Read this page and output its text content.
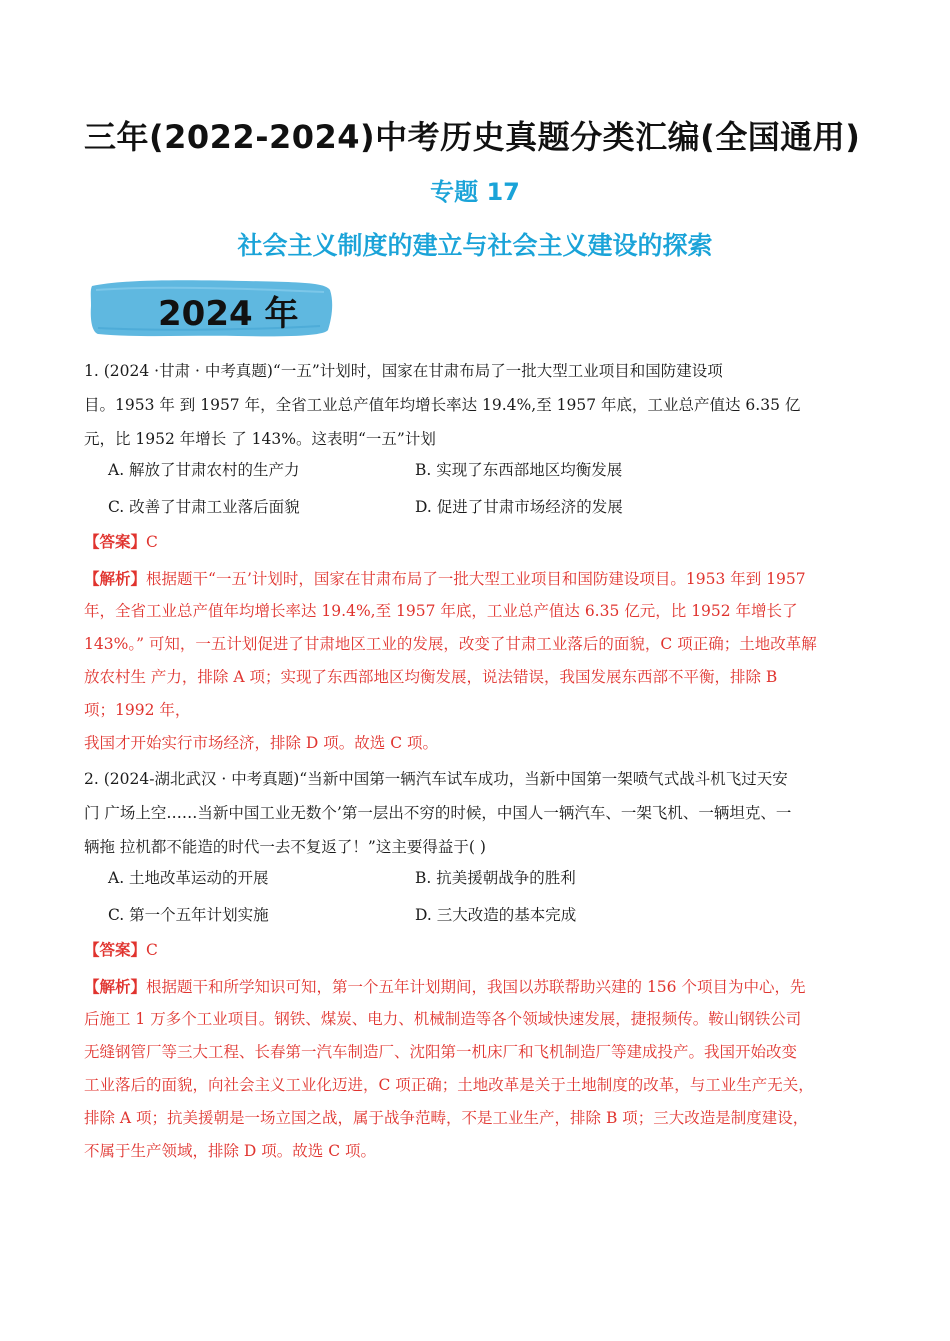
三年(2022-2024)中考历史真题分类汇编(全国通用)
专题 17
社会主义制度的建立与社会主义建设的探索
2024 年
1. (2024 ·甘肃 · 中考真题)“一五”计划时，国家在甘肃布局了一批大型工业项目和国防建设项
目。1953 年 到 1957 年，全省工业总产值年均增长率达 19.4%,至 1957 年底，工业总产值达 6.35 亿
元，比 1952 年增长 了 143%。这表明“一五”计划
A. 解放了甘肃农村的生产力	B. 实现了东西部地区均衡发展
C. 改善了甘肃工业落后面貌	D. 促进了甘肃市场经济的发展
【答案】C
【解析】根据题干“一五’计划时，国家在甘肃布局了一批大型工业项目和国防建设项目。1953 年到 1957
年，全省工业总产值年均增长率达 19.4%,至 1957 年底，工业总产值达 6.35 亿元，比 1952 年增长了
143%。” 可知，一五计划促进了甘肃地区工业的发展，改变了甘肃工业落后的面貌，C 项正确；土地改革解
放农村生 产力，排除 A 项；实现了东西部地区均衡发展，说法错误，我国发展东西部不平衡，排除 B
项；1992 年，
我国才开始实行市场经济，排除 D 项。故选 C 项。
2. (2024-湖北武汉 · 中考真题)“当新中国第一辆汽车试车成功，当新中国第一架喷气式战斗机飞过天安
门 广场上空……当新中国工业无数个’第一层出不穷的时候，中国人一辆汽车、一架飞机、一辆坦克、一
辆拖 拉机都不能造的时代一去不复返了！”这主要得益于( )
A. 土地改革运动的开展	B. 抗美援朝战争的胜利
C. 第一个五年计划实施	D. 三大改造的基本完成
【答案】C
【解析】根据题干和所学知识可知，第一个五年计划期间，我国以苏联帮助兴建的 156 个项目为中心，先
后施工 1 万多个工业项目。钢铁、煤炭、电力、机械制造等各个领域快速发展，捷报频传。鞍山钢铁公司
无缝钢管厂等三大工程、长春第一汽车制造厂、沈阳第一机床厂和飞机制造厂等建成投产。我国开始改变
工业落后的面貌，向社会主义工业化迈进，C 项正确；土地改革是关于土地制度的改革，与工业生产无关，
排除 A 项；抗美援朝是一场立国之战，属于战争范畴，不是工业生产，排除 B 项；三大改造是制度建设，
不属于生产领域，排除 D 项。故选 C 项。
